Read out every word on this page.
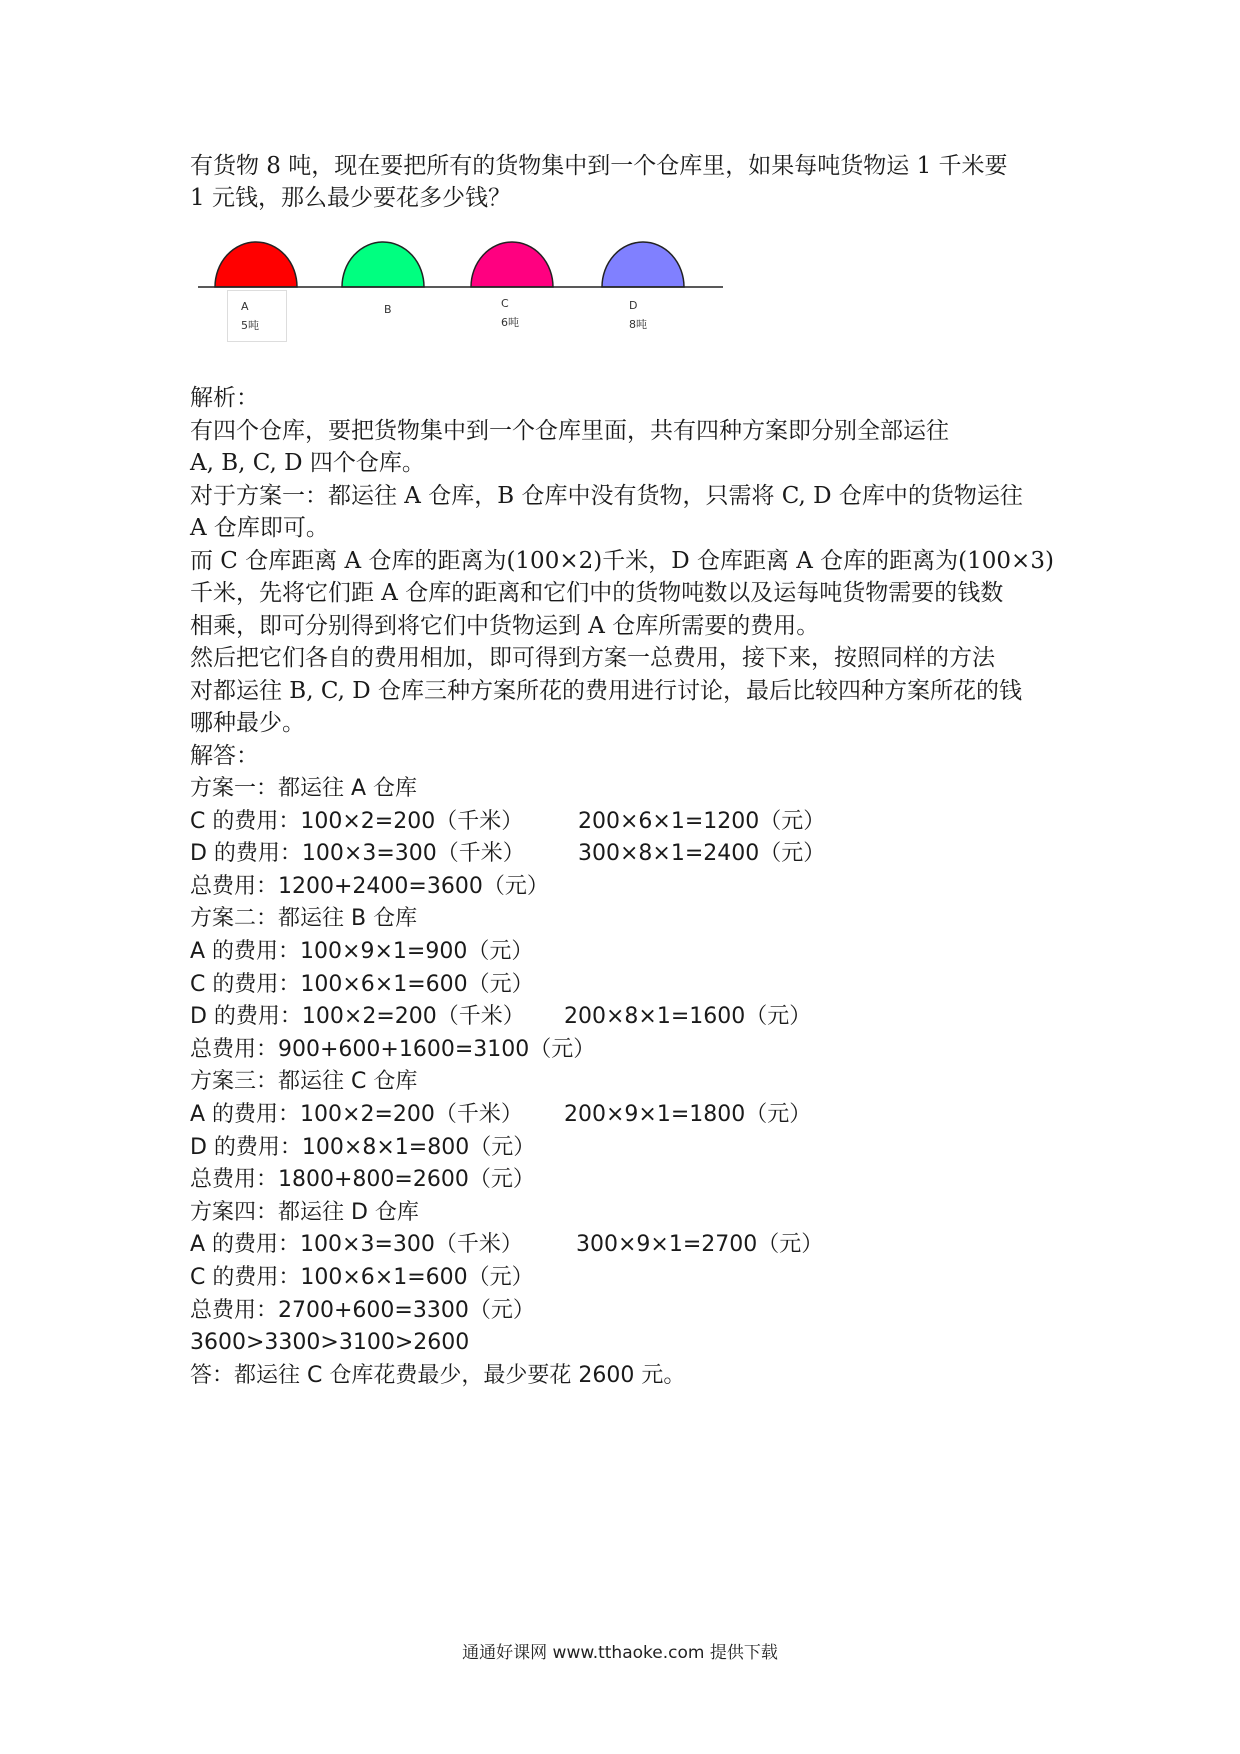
有货物 8 吨，现在要把所有的货物集中到一个仓库里，如果每吨货物运 1 千米要
1 元钱，那么最少要花多少钱？
A
5吨
B	C
6吨
D
8吨
解析：
有四个仓库，要把货物集中到一个仓库里面，共有四种方案即分别全部运往
A, B, C, D 四个仓库。
对于方案一：都运往 A 仓库，B 仓库中没有货物，只需将 C, D 仓库中的货物运往
A 仓库即可。
而 C 仓库距离 A 仓库的距离为(100×2)千米，D 仓库距离 A 仓库的距离为(100×3)
千米，先将它们距 A 仓库的距离和它们中的货物吨数以及运每吨货物需要的钱数
相乘，即可分别得到将它们中货物运到 A 仓库所需要的费用。
然后把它们各自的费用相加，即可得到方案一总费用，接下来，按照同样的方法
对都运往 B, C, D 仓库三种方案所花的费用进行讨论，最后比较四种方案所花的钱
哪种最少。
解答：
方案一：都运往 A 仓库
C 的费用：100×2=200（千米） 200×6×1=1200（元）
D 的费用：100×3=300（千米） 300×8×1=2400（元）
总费用：1200+2400=3600（元）
方案二：都运往 B 仓库
A 的费用：100×9×1=900（元）
C 的费用：100×6×1=600（元）
D 的费用：100×2=200（千米） 200×8×1=1600（元）
总费用：900+600+1600=3100（元）
方案三：都运往 C 仓库
A 的费用：100×2=200（千米） 200×9×1=1800（元）
D 的费用：100×8×1=800（元）
总费用：1800+800=2600（元）
方案四：都运往 D 仓库
A 的费用：100×3=300（千米） 300×9×1=2700（元）
C 的费用：100×6×1=600（元）
总费用：2700+600=3300（元）
3600>3300>3100>2600
答：都运往 C 仓库花费最少，最少要花 2600 元。
通通好课网 www.tthaoke.com 提供下载
